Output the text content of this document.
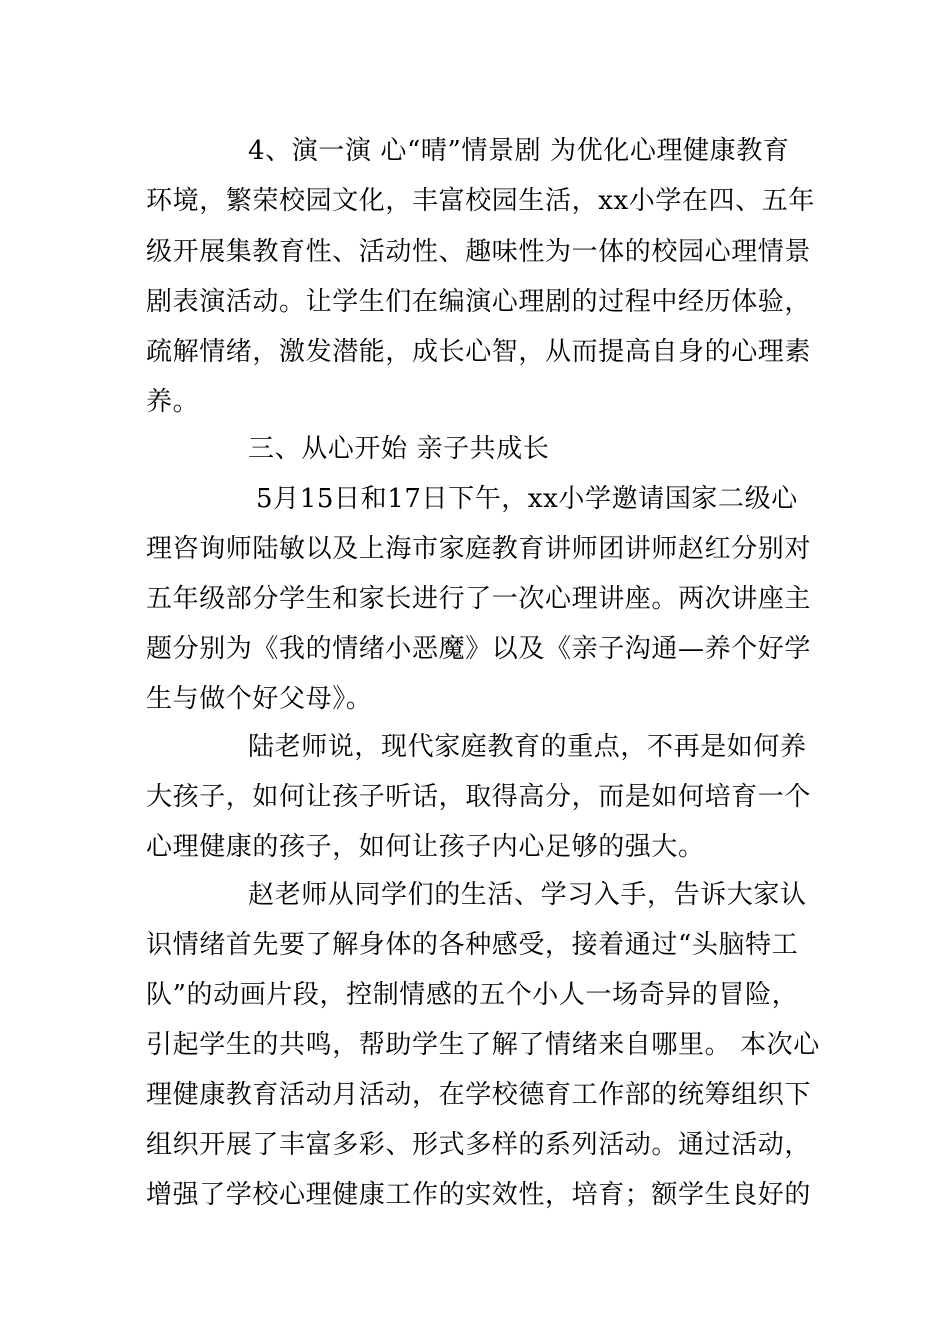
4、演一演 心“晴”情景剧 为优化心理健康教育
环境，繁荣校园文化，丰富校园生活，xx小学在四、五年
级开展集教育性、活动性、趣味性为一体的校园心理情景
剧表演活动。让学生们在编演心理剧的过程中经历体验，
疏解情绪，激发潜能，成长心智，从而提高自身的心理素
养。
三、从心开始 亲子共成长
5月15日和17日下午，xx小学邀请国家二级心
理咨询师陆敏以及上海市家庭教育讲师团讲师赵红分别对
五年级部分学生和家长进行了一次心理讲座。两次讲座主
题分别为《我的情绪小恶魔》以及《亲子沟通—养个好学
生与做个好父母》。
陆老师说，现代家庭教育的重点，不再是如何养
大孩子，如何让孩子听话，取得高分，而是如何培育一个
心理健康的孩子，如何让孩子内心足够的强大。
赵老师从同学们的生活、学习入手，告诉大家认
识情绪首先要了解身体的各种感受，接着通过“头脑特工
队”的动画片段，控制情感的五个小人一场奇异的冒险，
引起学生的共鸣，帮助学生了解了情绪来自哪里。 本次心
理健康教育活动月活动，在学校德育工作部的统筹组织下
组织开展了丰富多彩、形式多样的系列活动。通过活动，
增强了学校心理健康工作的实效性，培育；额学生良好的
